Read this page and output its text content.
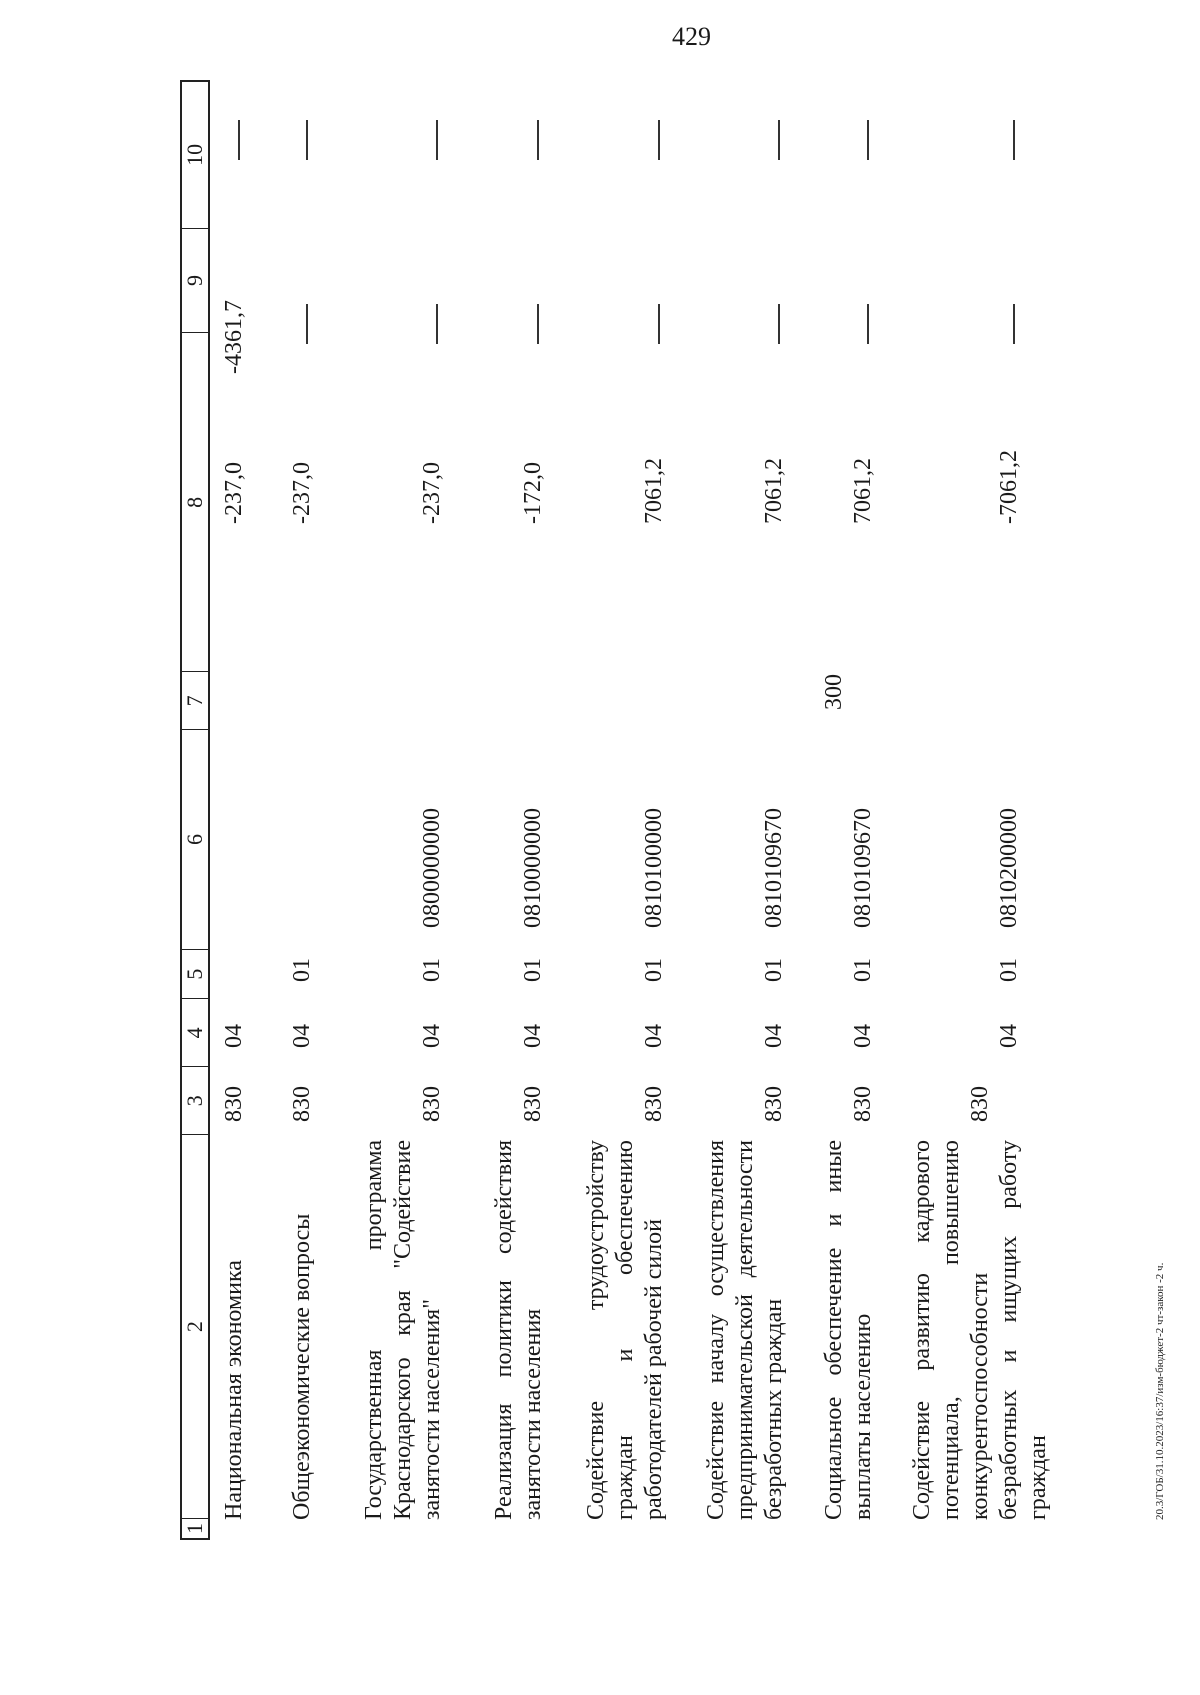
429
20.3/ГОБ/31.10.2023/16:37/изм-бюджет-2 чт-закон -2 ч.
1
2
3
4
5
6
7
8
9
10
Национальная экономика
830
04
-237,0
-4361,7
Общеэкономические вопросы
830
04
01
-237,0
Государственная программа Краснодарского края "Содействие занятости населения"
830
04
01
0800000000
-237,0
Реализация политики содействия занятости населения
830
04
01
0810000000
-172,0
Содействие трудоустройству граждан и обеспечению работодателей рабочей силой
830
04
01
0810100000
7061,2
Содействие началу осуществления предпринимательской деятельности безработных граждан
830
04
01
0810109670
7061,2
Социальное обеспечение и иные выплаты населению
830
04
01
0810109670
300
7061,2
Содействие развитию кадрового потенциала, повышению конкурентоспособности безработных и ищущих работу граждан
830
04
01
0810200000
-7061,2
